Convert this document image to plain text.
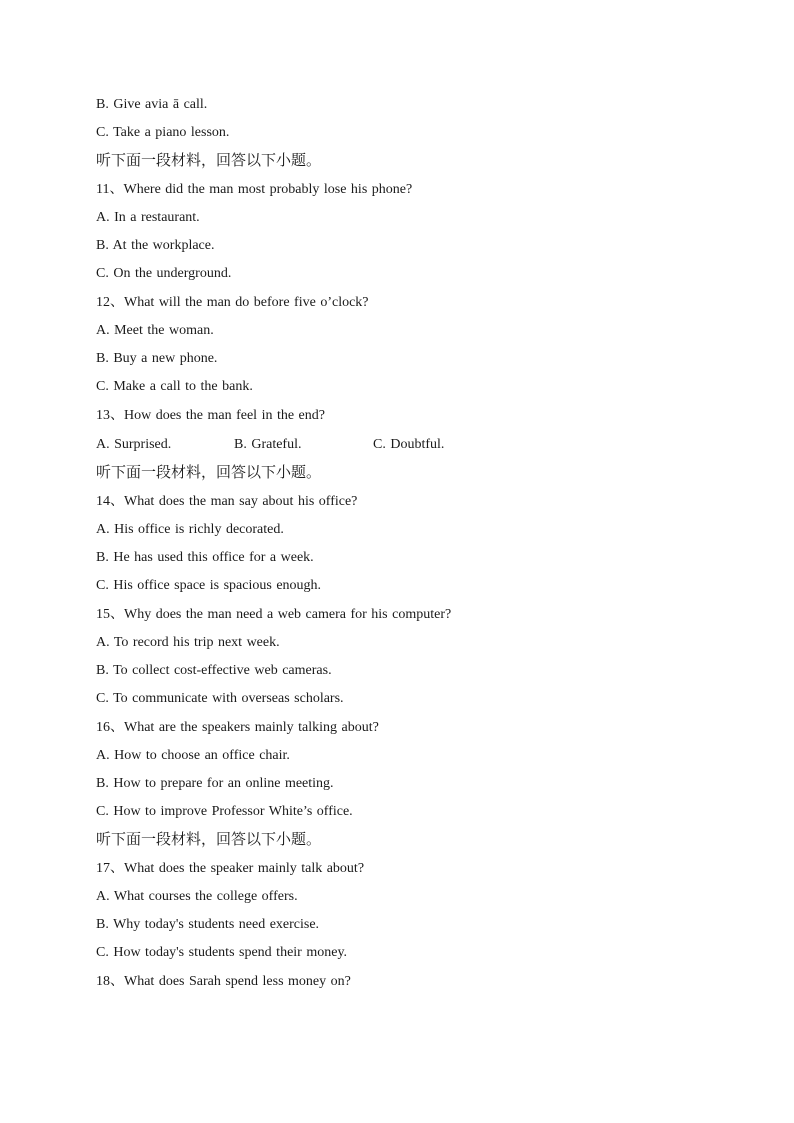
B. Give avia ā call.
C. Take a piano lesson.
听下面一段材料，回答以下小题。
11、Where did the man most probably lose his phone?
A. In a restaurant.
B. At the workplace.
C. On the underground.
12、What will the man do before five o’clock?
A. Meet the woman.
B. Buy a new phone.
C. Make a call to the bank.
13、How does the man feel in the end?
A. Surprised.	B. Grateful.	C. Doubtful.
听下面一段材料，回答以下小题。
14、What does the man say about his office?
A. His office is richly decorated.
B. He has used this office for a week.
C. His office space is spacious enough.
15、Why does the man need a web camera for his computer?
A. To record his trip next week.
B. To collect cost-effective web cameras.
C. To communicate with overseas scholars.
16、What are the speakers mainly talking about?
A. How to choose an office chair.
B. How to prepare for an online meeting.
C. How to improve Professor White’s office.
听下面一段材料，回答以下小题。
17、What does the speaker mainly talk about?
A. What courses the college offers.
B. Why today's students need exercise.
C. How today's students spend their money.
18、What does Sarah spend less money on?
